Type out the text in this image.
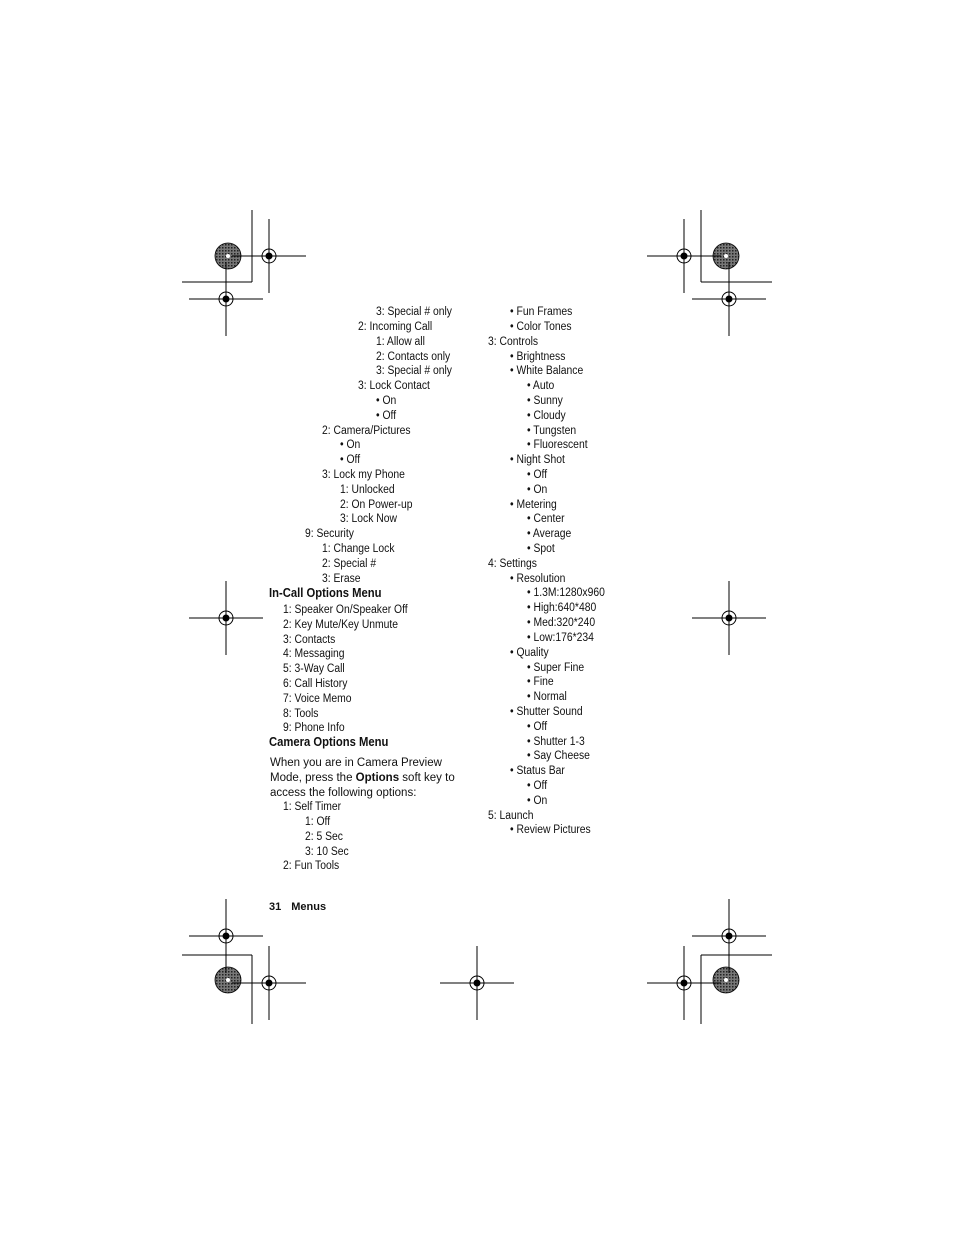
3: Special # only
2: Incoming Call
1: Allow all
2: Contacts only
3: Special # only
3: Lock Contact
• On
• Off
2: Camera/Pictures
• On
• Off
3: Lock my Phone
1: Unlocked
2: On Power-up
3: Lock Now
9: Security
1: Change Lock
2: Special #
3: Erase
In-Call Options Menu
1: Speaker On/Speaker Off
2: Key Mute/Key Unmute
3: Contacts
4: Messaging
5: 3-Way Call
6: Call History
7: Voice Memo
8: Tools
9: Phone Info
Camera Options Menu
When you are in Camera Preview Mode, press the Options soft key to access the following options:
1: Self Timer
1: Off
2: 5 Sec
3: 10 Sec
2: Fun Tools
• Fun Frames
• Color Tones
3: Controls
• Brightness
• White Balance
• Auto
• Sunny
• Cloudy
• Tungsten
• Fluorescent
• Night Shot
• Off
• On
• Metering
• Center
• Average
• Spot
4: Settings
• Resolution
• 1.3M:1280x960
• High:640*480
• Med:320*240
• Low:176*234
• Quality
• Super Fine
• Fine
• Normal
• Shutter Sound
• Off
• Shutter 1-3
• Say Cheese
• Status Bar
• Off
• On
5: Launch
• Review Pictures
31 Menus
